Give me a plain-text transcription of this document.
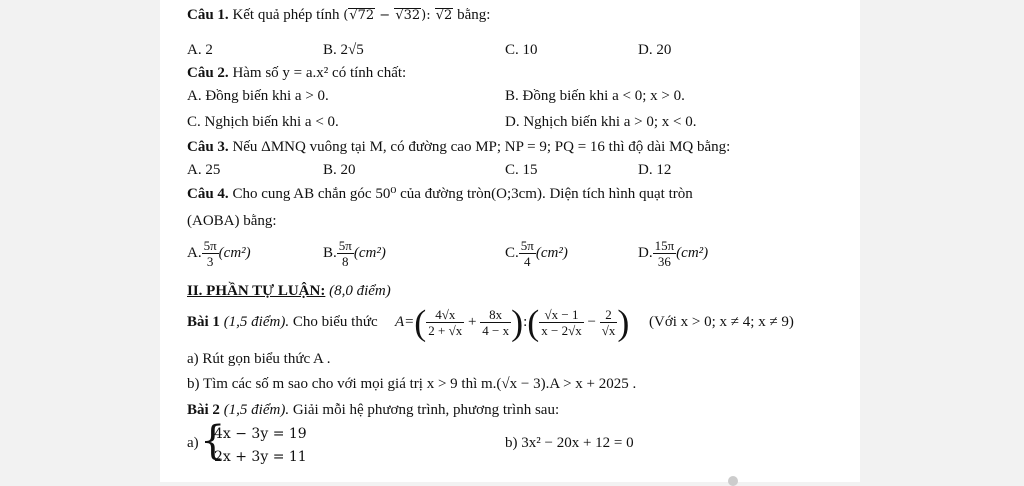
Câu 1. Kết quả phép tính (√72 − √32): √2 bằng:
A. 2	B. 2√5	C. 10	D. 20
Câu 2. Hàm số y = a.x² có tính chất:
A. Đồng biến khi a > 0.	B. Đồng biến khi a < 0; x > 0.
C. Nghịch biến khi a < 0.	D. Nghịch biến khi a > 0; x < 0.
Câu 3. Nếu ΔMNQ vuông tại M, có đường cao MP; NP = 9; PQ = 16 thì độ dài MQ bằng:
A. 25	B. 20	C. 15	D. 12
Câu 4. Cho cung AB chắn góc 50⁰ của đường tròn(O;3cm). Diện tích hình quạt tròn
(AOBA) bằng:
A. $\frac{5\pi}{3} (cm^2)$	B. $\frac{5\pi}{8} (cm^2)$	C. $\frac{5\pi}{4} (cm^2)$	D. $\frac{15\pi}{36} (cm^2)$
II. PHẦN TỰ LUẬN: (8,0 điểm)
Bài 1 (1,5 điểm). Cho biểu thức $A=( \frac{4√x}{2 + √x} + \frac{8x}{4 - x}$ ):( $\frac{√x - 1}{x - 2√x} - \frac{2}{√x}$ ) (Với x > 0; x ≠ 4; x ≠ 9)
a) Rút gọn biểu thức A .
b) Tìm các số m sao cho với mọi giá trị x > 9 thì m.(√x − 3).A > x + 2025 .
Bài 2 (1,5 điểm). Giải mỗi hệ phương trình, phương trình sau:
a) {
4x − 3y = 19
2x + 3y = 11
b) 3x² − 20x + 12 = 0
